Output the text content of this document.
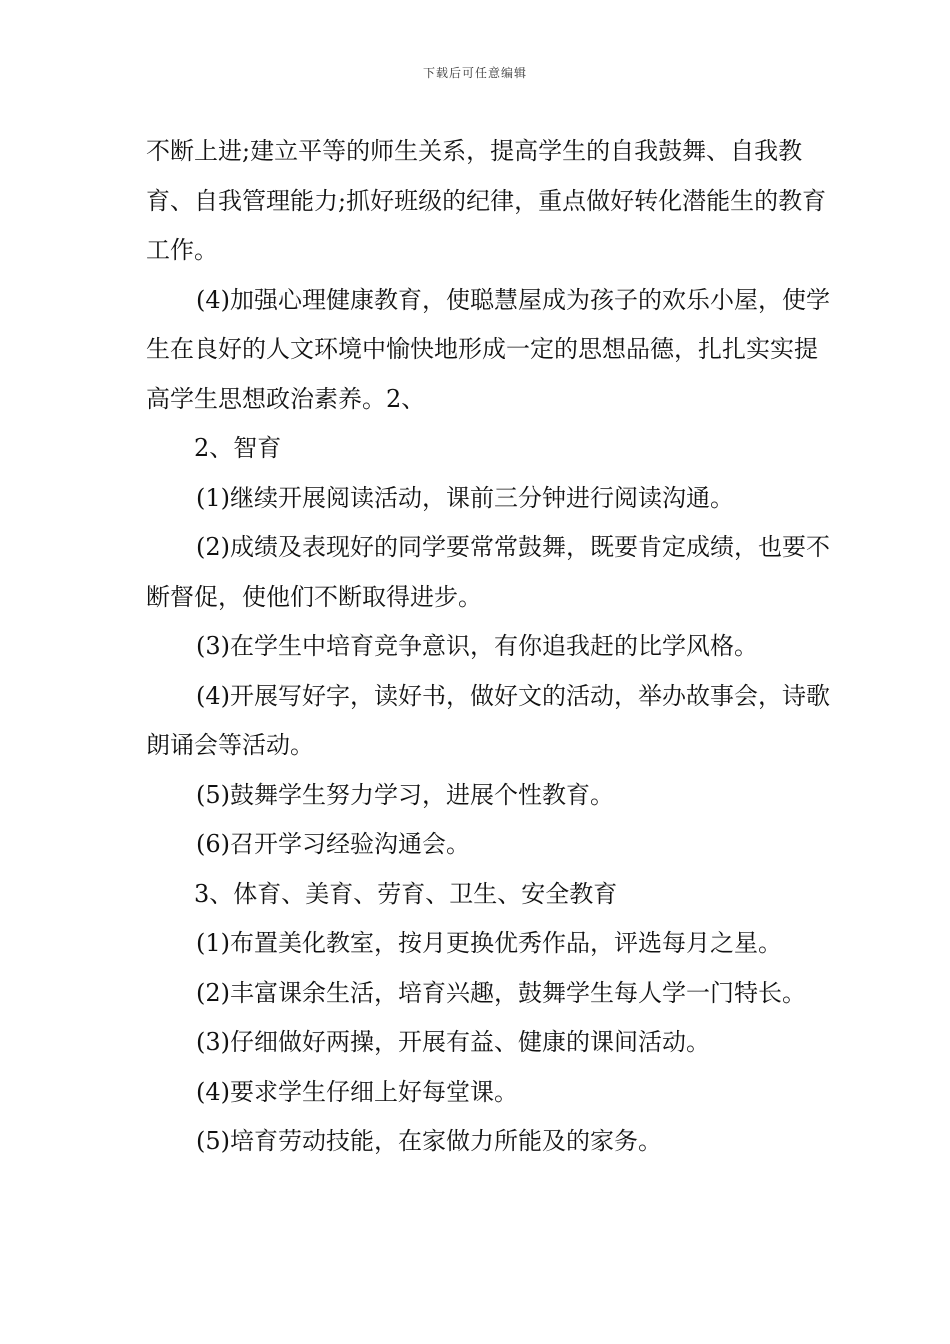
下载后可任意编辑

不断上进;建立平等的师生关系，提高学生的自我鼓舞、自我教育、自我管理能力;抓好班级的纪律，重点做好转化潜能生的教育工作。

(4)加强心理健康教育，使聪慧屋成为孩子的欢乐小屋，使学生在良好的人文环境中愉快地形成一定的思想品德，扎扎实实提高学生思想政治素养。2、

2、智育

(1)继续开展阅读活动，课前三分钟进行阅读沟通。

(2)成绩及表现好的同学要常常鼓舞，既要肯定成绩，也要不断督促，使他们不断取得进步。

(3)在学生中培育竞争意识，有你追我赶的比学风格。

(4)开展写好字，读好书，做好文的活动，举办故事会，诗歌朗诵会等活动。

(5)鼓舞学生努力学习，进展个性教育。

(6)召开学习经验沟通会。

3、体育、美育、劳育、卫生、安全教育

(1)布置美化教室，按月更换优秀作品，评选每月之星。

(2)丰富课余生活，培育兴趣，鼓舞学生每人学一门特长。

(3)仔细做好两操，开展有益、健康的课间活动。

(4)要求学生仔细上好每堂课。

(5)培育劳动技能，在家做力所能及的家务。
